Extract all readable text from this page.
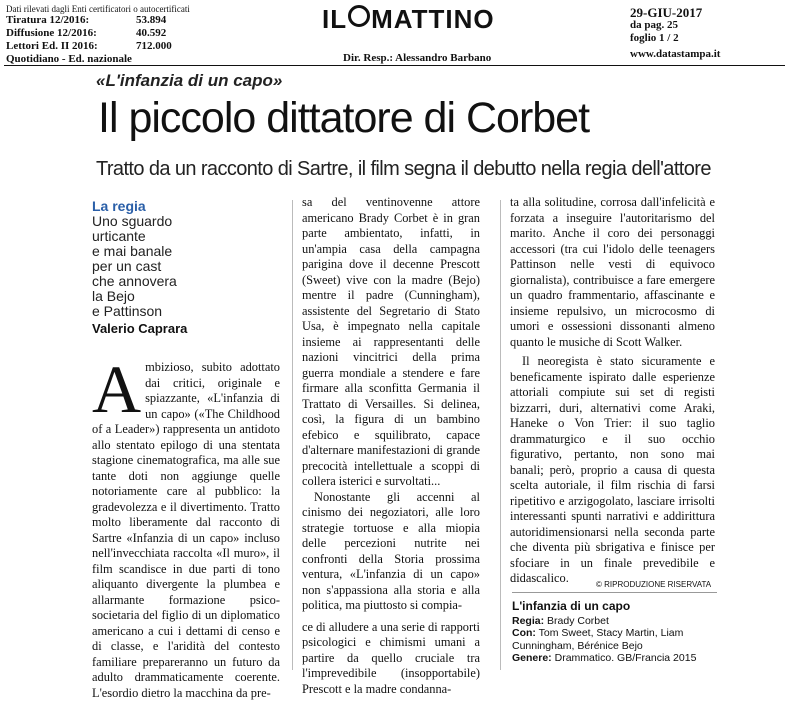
Dati rilevati dagli Enti certificatori o autocertificati
Tiratura 12/2016:	53.894
Diffusione 12/2016:	40.592
Lettori Ed. II 2016:	712.000
Quotidiano - Ed. nazionale
IL MATTINO
Dir. Resp.: Alessandro Barbano
29-GIU-2017
da pag. 25
foglio 1 / 2
www.datastampa.it
«L'infanzia di un capo»
Il piccolo dittatore di Corbet
Tratto da un racconto di Sartre, il film segna il debutto nella regia dell'attore
La regia
Uno sguardo
urticante
e mai banale
per un cast
che annovera
la Bejo
e Pattinson
Valerio Caprara
A mbizioso, subito adottato dai critici, originale e spiazzante, «L'infanzia di un capo» («The Childhood of a Leader») rappresenta un antidoto allo stentato epilogo di una stentata stagione cinematografica, ma alle sue tante doti non aggiunge quelle notoriamente care al pubblico: la gradevolezza e il divertimento. Tratto molto liberamente dal racconto di Sartre «Infanzia di un capo» incluso nell'invecchiata raccolta «Il muro», il film scandisce in due parti di tono aliquanto divergente la plumbea e allarmante formazione psico-societaria del figlio di un diplomatico americano a cui i dettami di censo e di classe, e l'aridità del contesto familiare prepareranno un futuro da adulto drammaticamente coerente. L'esordio dietro la macchina da pre-

sa del ventinovenne attore americano Brady Corbet è in gran parte ambientato, infatti, in un'ampia casa della campagna parigina dove il decenne Prescott (Sweet) vive con la madre (Bejo) mentre il padre (Cunningham), assistente del Segretario di Stato Usa, è impegnato nella capitale insieme ai rappresentanti delle nazioni vincitrici della prima guerra mondiale a stendere e fare firmare alla sconfitta Germania il Trattato di Versailles. Si delinea, così, la figura di un bambino efebico e squilibrato, capace d'alternare manifestazioni di grande precocità intellettuale a scoppi di collera isterici e survoltati...

Nonostante gli accenni al cinismo dei negoziatori, alle loro strategie tortuose e alla miopia delle percezioni nutrite nei confronti della Storia prossima ventura, «L'infanzia di un capo» non s'appassiona alla storia e alla politica, ma piuttosto si compia-

ce di alludere a una serie di rapporti psicologici e chimismi umani a partire da quello cruciale tra l'imprevedibile (insopportabile) Prescott e la madre condanna-

ta alla solitudine, corrosa dall'infelicità e forzata a inseguire l'autoritarismo del marito. Anche il coro dei personaggi accessori (tra cui l'idolo delle teenagers Pattinson nelle vesti di equivoco giornalista), contribuisce a fare emergere un quadro frammentario, affascinante e insieme repulsivo, un microcosmo di umori e ossessioni dissonanti almeno quanto le musiche di Scott Walker.

Il neoregista è stato sicuramente e beneficamente ispirato dalle esperienze attoriali compiute sui set di registi bizzarri, duri, alternativi come Araki, Haneke o Von Trier: il suo taglio drammaturgico e il suo occhio figurativo, pertanto, non sono mai banali; però, proprio a causa di questa scelta autoriale, il film rischia di farsi ripetitivo e arzigogolato, lasciare irrisolti interessanti spunti narrativi e addirittura autoridimensionarsi nella seconda parte che diventa più sbrigativa e finisce per sfociare in un finale prevedibile e didascalico.	© RIPRODUZIONE RISERVATA
L'infanzia di un capo
Regia: Brady Corbet
Con: Tom Sweet, Stacy Martin, Liam Cunningham, Bérénice Bejo
Genere: Drammatico. GB/Francia 2015
